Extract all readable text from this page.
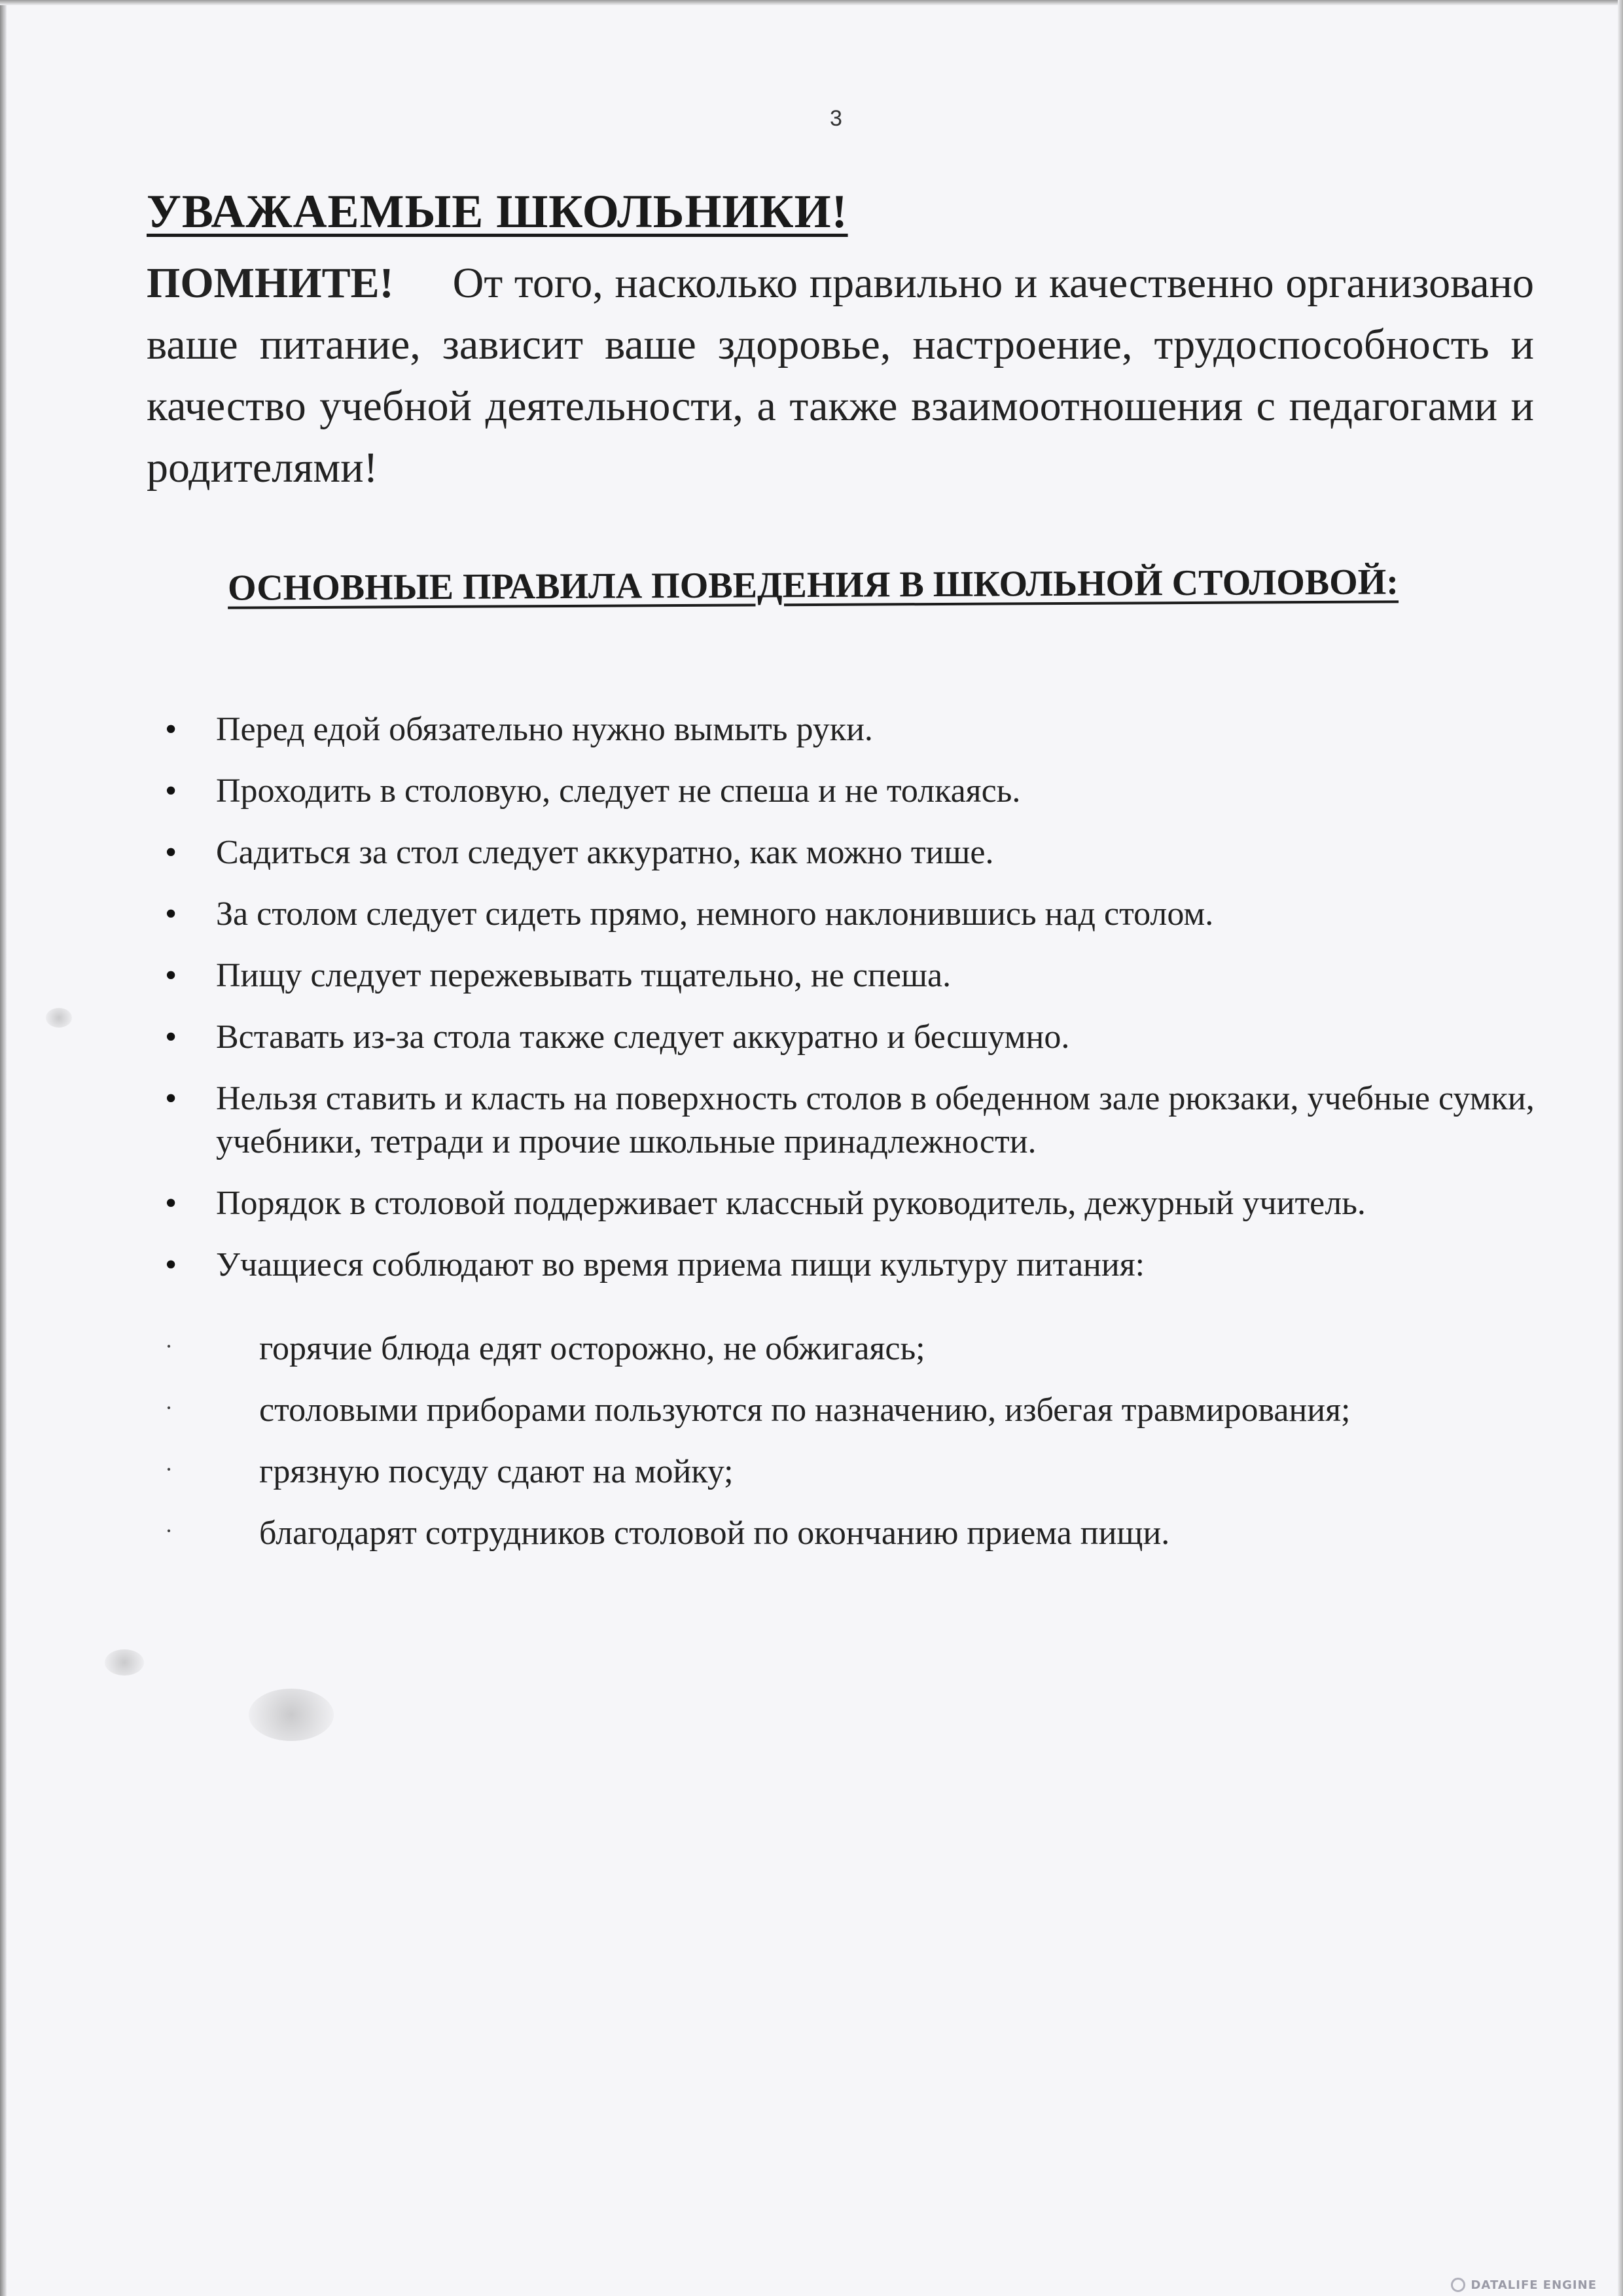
3
УВАЖАЕМЫЕ ШКОЛЬНИКИ!
ПОМНИТЕ! От того, насколько правильно и качественно организовано ваше питание, зависит ваше здоровье, настроение, трудоспособность и качество учебной деятельности, а также взаимоотношения с педагогами и родителями!
ОСНОВНЫЕ ПРАВИЛА ПОВЕДЕНИЯ В ШКОЛЬНОЙ СТОЛОВОЙ:
• Перед едой обязательно нужно вымыть руки.
• Проходить в столовую, следует не спеша и не толкаясь.
• Садиться за стол следует аккуратно, как можно тише.
• За столом следует сидеть прямо, немного наклонившись над столом.
• Пищу следует пережевывать тщательно, не спеша.
• Вставать из-за стола также следует аккуратно и бесшумно.
• Нельзя ставить и класть на поверхность столов в обеденном зале рюкзаки, учебные сумки, учебники, тетради и прочие школьные принадлежности.
• Порядок в столовой поддерживает классный руководитель, дежурный учитель.
• Учащиеся соблюдают во время приема пищи культуру питания:
·	горячие блюда едят осторожно, не обжигаясь;
·	столовыми приборами пользуются по назначению, избегая травмирования;
·	грязную посуду сдают на мойку;
·	благодарят сотрудников столовой по окончанию приема пищи.
DATALIFE ENGINE
